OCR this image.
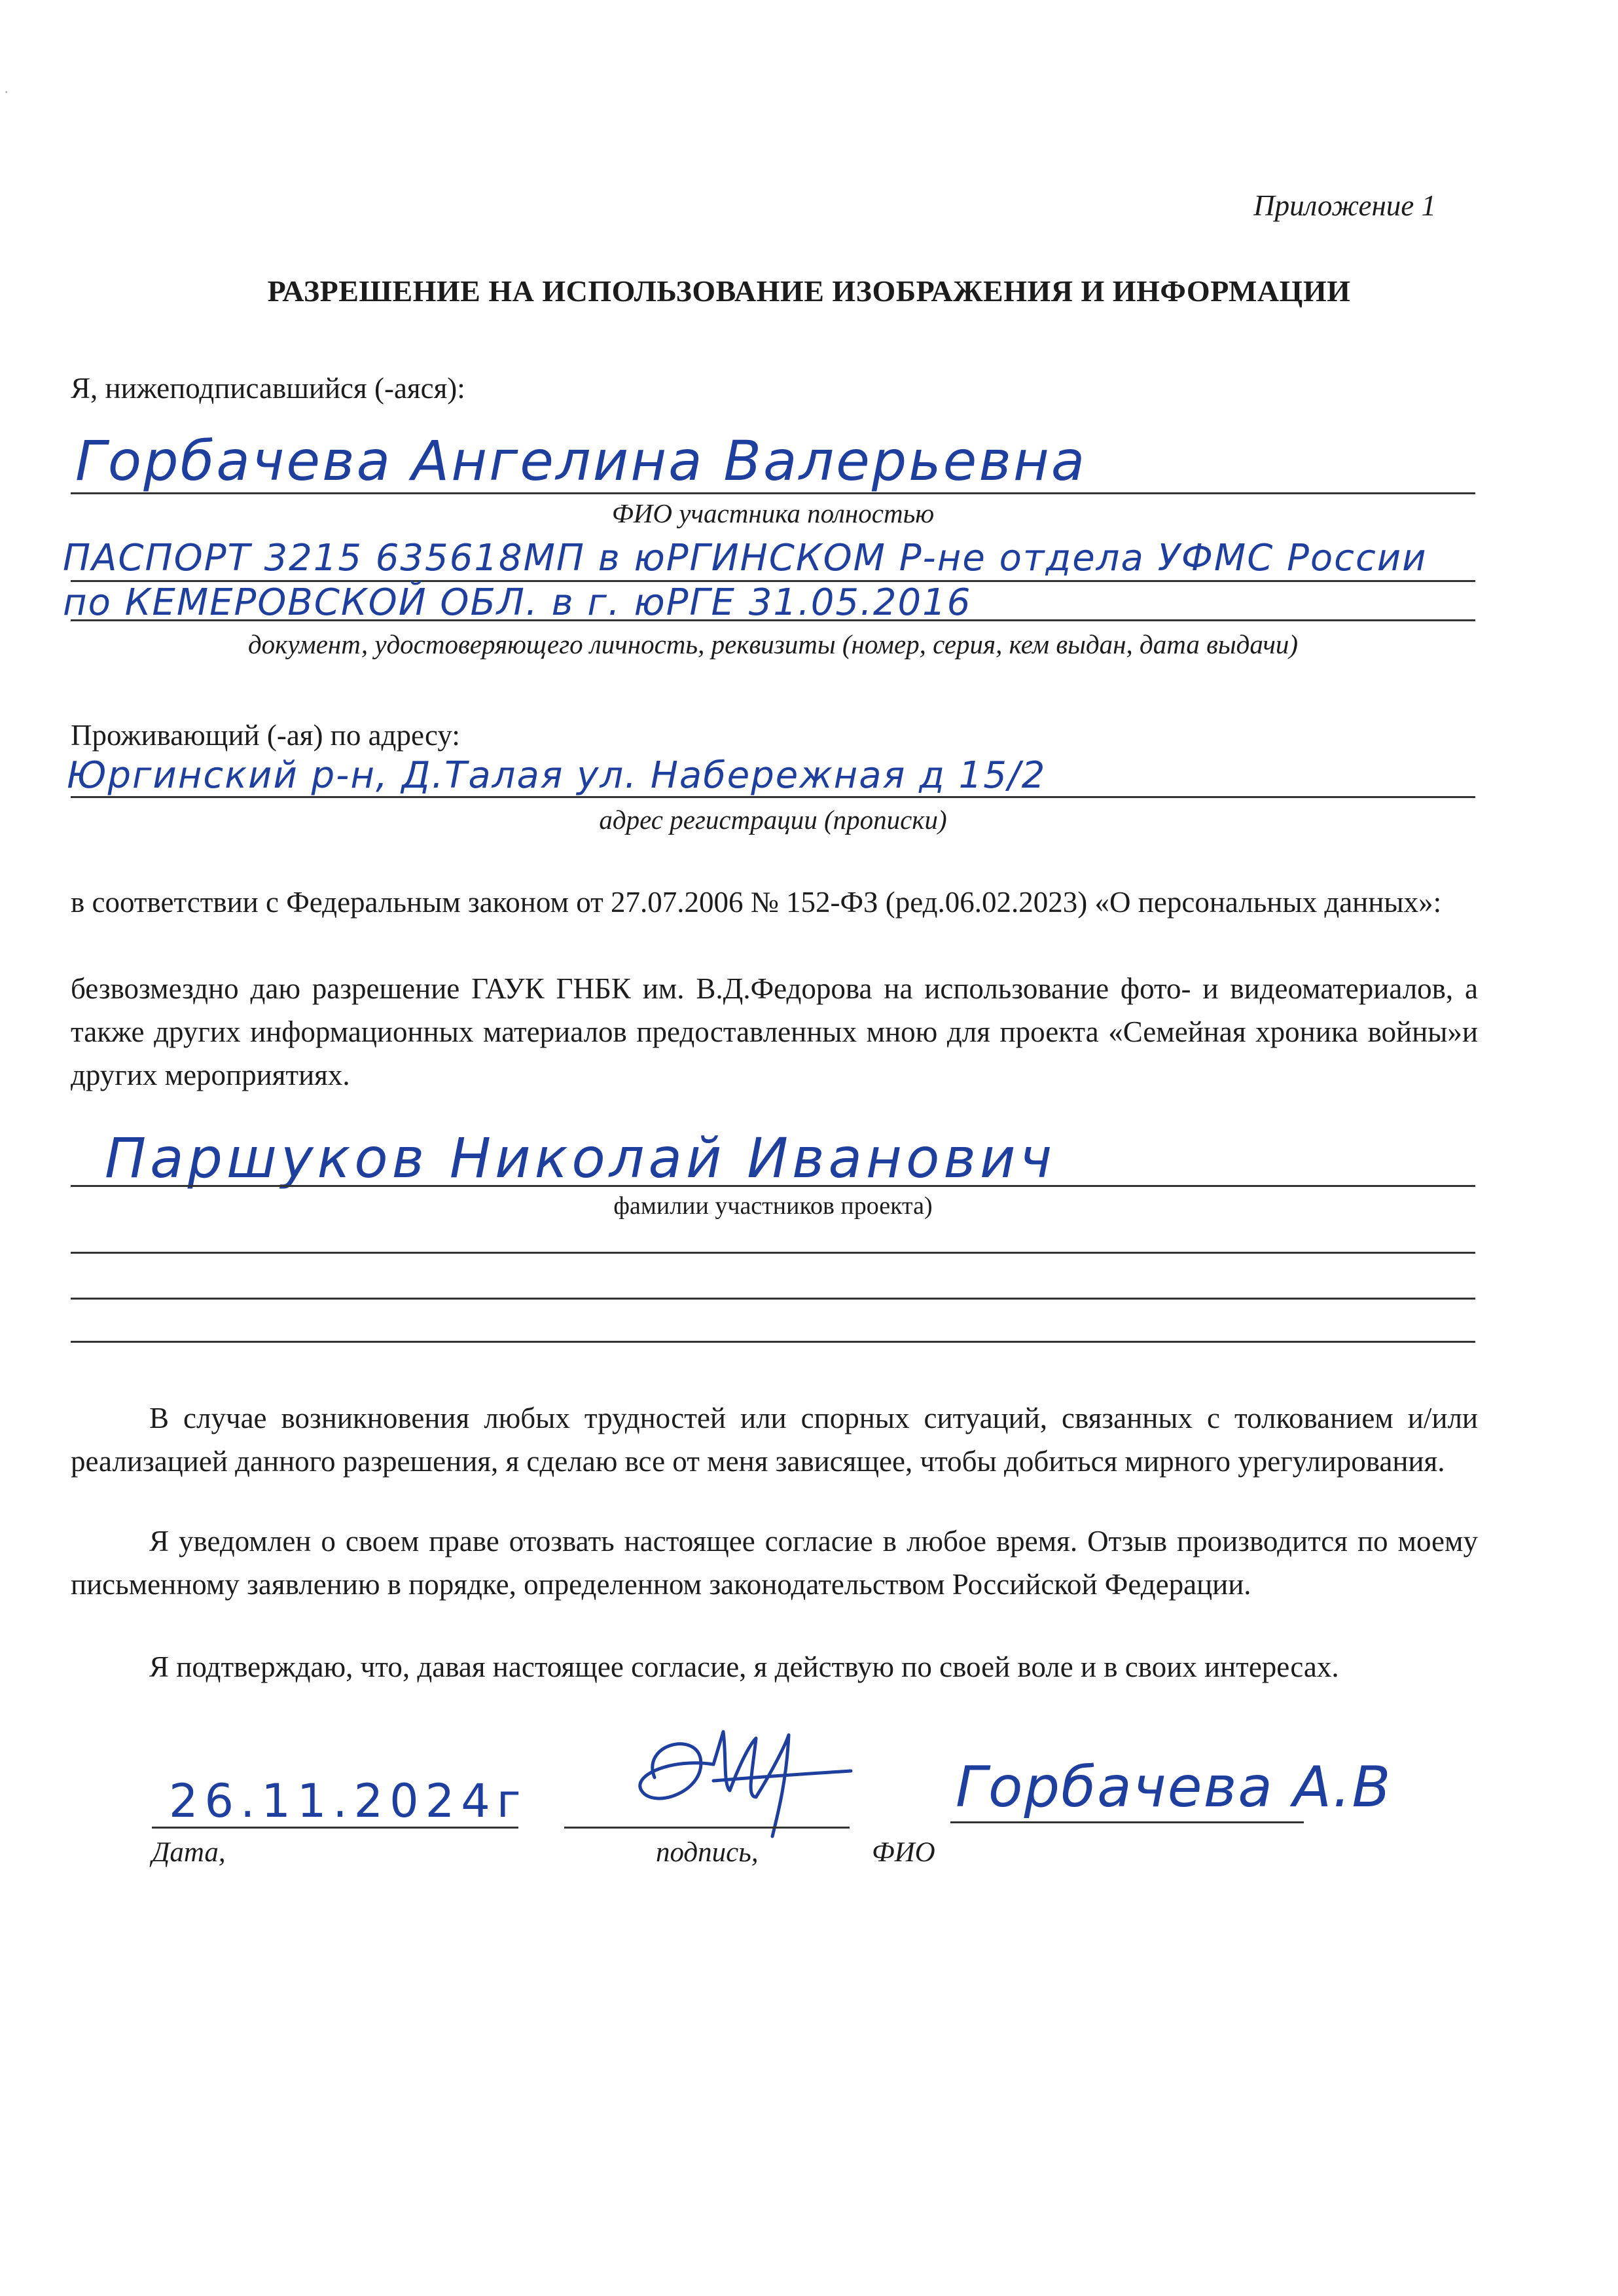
·
Приложение 1
РАЗРЕШЕНИЕ НА ИСПОЛЬЗОВАНИЕ ИЗОБРАЖЕНИЯ И ИНФОРМАЦИИ
Я, нижеподписавшийся (-аяся):
Горбачева Ангелина Валерьевна
ФИО участника полностью
ПАСПОРТ 3215 635618МП в юРГИНСКОМ Р-не отдела УФМС России
по КЕМЕРОВСКОЙ ОБЛ. в г. юРГЕ 31.05.2016
документ, удостоверяющего личность, реквизиты (номер, серия, кем выдан, дата выдачи)
Проживающий (-ая) по адресу:
Юргинский р-н, Д.Талая ул. Набережная д 15/2
адрес регистрации (прописки)
в соответствии с Федеральным законом от 27.07.2006 № 152-ФЗ (ред.06.02.2023) «О персональных данных»:
безвозмездно даю разрешение ГАУК ГНБК им. В.Д.Федорова на использование фото- и видеоматериалов, а также других информационных материалов предоставленных мною для проекта «Семейная хроника войны»и других мероприятиях.
Паршуков Николай Иванович
фамилии участников проекта)
В случае возникновения любых трудностей или спорных ситуаций, связанных с толкованием и/или реализацией данного разрешения, я сделаю все от меня зависящее, чтобы добиться мирного урегулирования.
Я уведомлен о своем праве отозвать настоящее согласие в любое время. Отзыв производится по моему письменному заявлению в порядке, определенном законодательством Российской Федерации.
Я подтверждаю, что, давая настоящее согласие, я действую по своей воле и в своих интересах.
26.11.2024г
Дата,	подпись,
Горбачева А.В
ФИО
